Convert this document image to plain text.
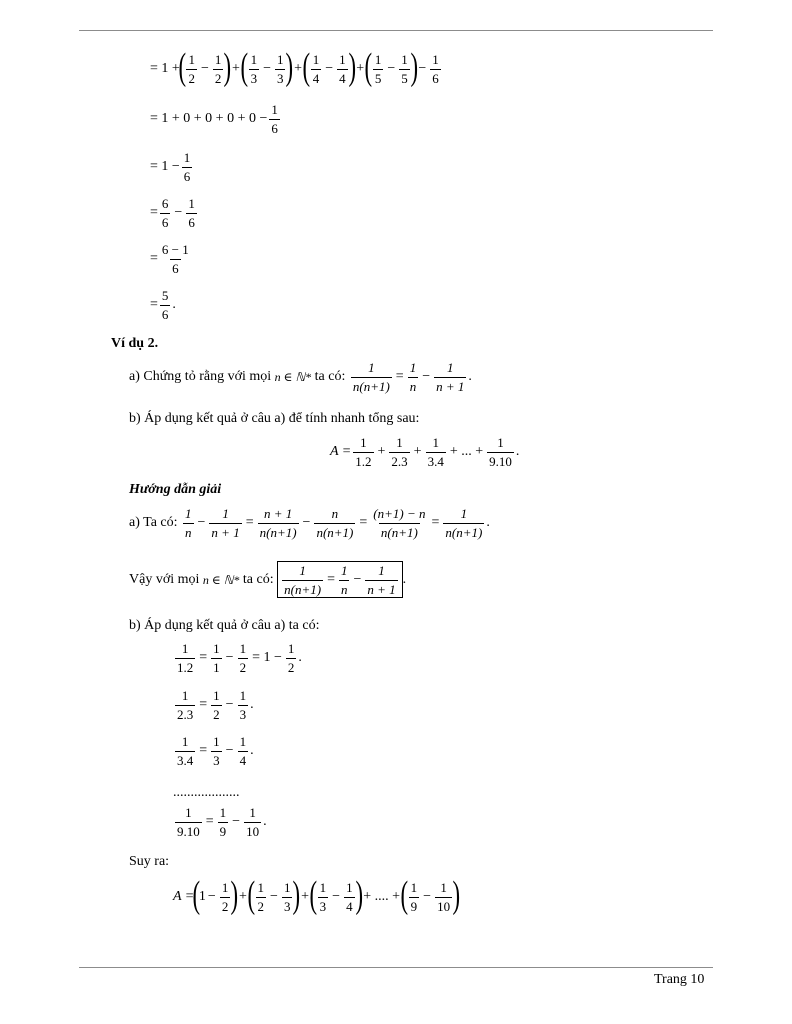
= 1 +
( $\frac{1}{2} - \frac{1}{2}$ ) + ( $\frac{1}{3} - \frac{1}{3}$ ) + ( $\frac{1}{4} - \frac{1}{4}$ ) + ( $\frac{1}{5} - \frac{1}{5}$ ) − $\frac{1}{6}$
= $1 + 0 + 0 + 0 + 0 - \frac{1}{6}$
= $1 - \frac{1}{6}$
= $\frac{6}{6} - \frac{1}{6}$
= $\frac{6 - 1}{6}$
= $\frac{5}{6}$ .
Ví dụ 2.
a) Chứng tỏ rằng với mọi
n ∈ ℕ*
ta có:
$\frac{1}{n(n+1)} = \frac{1}{n} - \frac{1}{n + 1}$ .
b) Áp dụng kết quả ở câu a) để tính nhanh tổng sau:
$A = \frac{1}{1.2} + \frac{1}{2.3} + \frac{1}{3.4}$ + ... + $\frac{1}{9.10}$ .
Hướng dẫn giải
a) Ta có:
$\frac{1}{n} - \frac{1}{n + 1} = \frac{n + 1}{n(n+1)} - \frac{n}{n(n+1)} = \frac{(n+1) - n}{n(n+1)} = \frac{1}{n(n+1)}$ .
Vậy với mọi
n ∈ ℕ*
ta có:
$\frac{1}{n(n+1)} = \frac{1}{n} - \frac{1}{n + 1}$ .
b) Áp dụng kết quả ở câu a) ta có:
$\frac{1}{1.2} = \frac{1}{1} - \frac{1}{2} = 1 - \frac{1}{2}$ .
$\frac{1}{2.3} = \frac{1}{2} - \frac{1}{3}$ .
$\frac{1}{3.4} = \frac{1}{3} - \frac{1}{4}$ .
...................
$\frac{1}{9.10} = \frac{1}{9} - \frac{1}{10}$ .
Suy ra:
A =
(
$1 - \frac{1}{2}$ ) + ( $\frac{1}{2} - \frac{1}{3}$ ) + ( $\frac{1}{3} - \frac{1}{4}$ ) + .... + ( $\frac{1}{9} - \frac{1}{10}$ )
Trang 10
